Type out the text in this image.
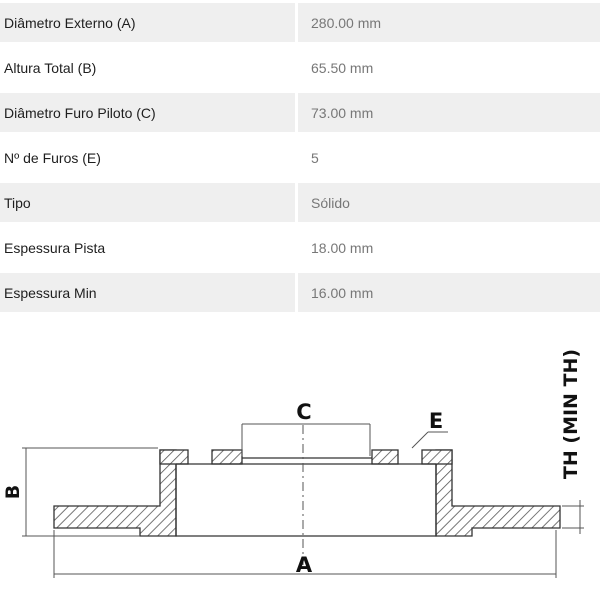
Diâmetro Externo (A)	280.00 mm
Altura Total (B)	65.50 mm
Diâmetro Furo Piloto (C)	73.00 mm
Nº de Furos (E)	5
Tipo	Sólido
Espessura Pista	18.00 mm
Espessura Min	16.00 mm
C	E
B
A
TH (MIN TH)
